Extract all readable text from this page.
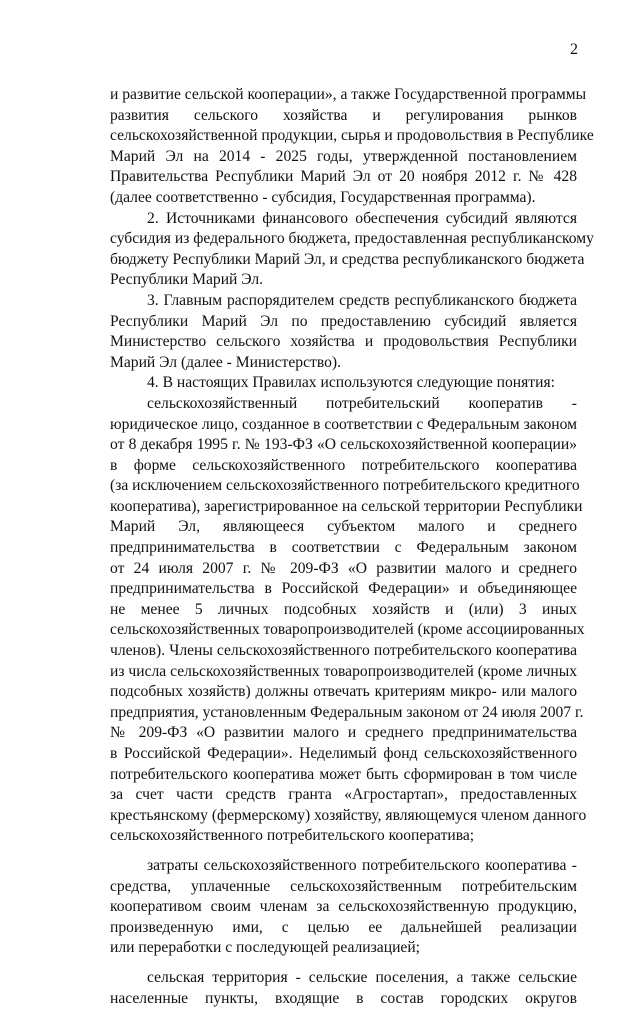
2
и развитие сельской кооперации», а также Государственной программы
развития сельского хозяйства и регулирования рынков
сельскохозяйственной продукции, сырья и продовольствия в Республике
Марий Эл на 2014 - 2025 годы, утвержденной постановлением
Правительства Республики Марий Эл от 20 ноября 2012 г. № 428
(далее соответственно - субсидия, Государственная программа).
2. Источниками финансового обеспечения субсидий являются
субсидия из федерального бюджета, предоставленная республиканскому
бюджету Республики Марий Эл, и средства республиканского бюджета
Республики Марий Эл.
3. Главным распорядителем средств республиканского бюджета
Республики Марий Эл по предоставлению субсидий является
Министерство сельского хозяйства и продовольствия Республики
Марий Эл (далее - Министерство).
4. В настоящих Правилах используются следующие понятия:
сельскохозяйственный потребительский кооператив -
юридическое лицо, созданное в соответствии с Федеральным законом
от 8 декабря 1995 г. № 193-ФЗ «О сельскохозяйственной кооперации»
в форме сельскохозяйственного потребительского кооператива
(за исключением сельскохозяйственного потребительского кредитного
кооператива), зарегистрированное на сельской территории Республики
Марий Эл, являющееся субъектом малого и среднего
предпринимательства в соответствии с Федеральным законом
от 24 июля 2007 г. № 209-ФЗ «О развитии малого и среднего
предпринимательства в Российской Федерации» и объединяющее
не менее 5 личных подсобных хозяйств и (или) 3 иных
сельскохозяйственных товаропроизводителей (кроме ассоциированных
членов). Члены сельскохозяйственного потребительского кооператива
из числа сельскохозяйственных товаропроизводителей (кроме личных
подсобных хозяйств) должны отвечать критериям микро- или малого
предприятия, установленным Федеральным законом от 24 июля 2007 г.
№ 209-ФЗ «О развитии малого и среднего предпринимательства
в Российской Федерации». Неделимый фонд сельскохозяйственного
потребительского кооператива может быть сформирован в том числе
за счет части средств гранта «Агростартап», предоставленных
крестьянскому (фермерскому) хозяйству, являющемуся членом данного
сельскохозяйственного потребительского кооператива;
затраты сельскохозяйственного потребительского кооператива -
средства, уплаченные сельскохозяйственным потребительским
кооперативом своим членам за сельскохозяйственную продукцию,
произведенную ими, с целью ее дальнейшей реализации
или переработки с последующей реализацией;
сельская территория - сельские поселения, а также сельские
населенные пункты, входящие в состав городских округов
